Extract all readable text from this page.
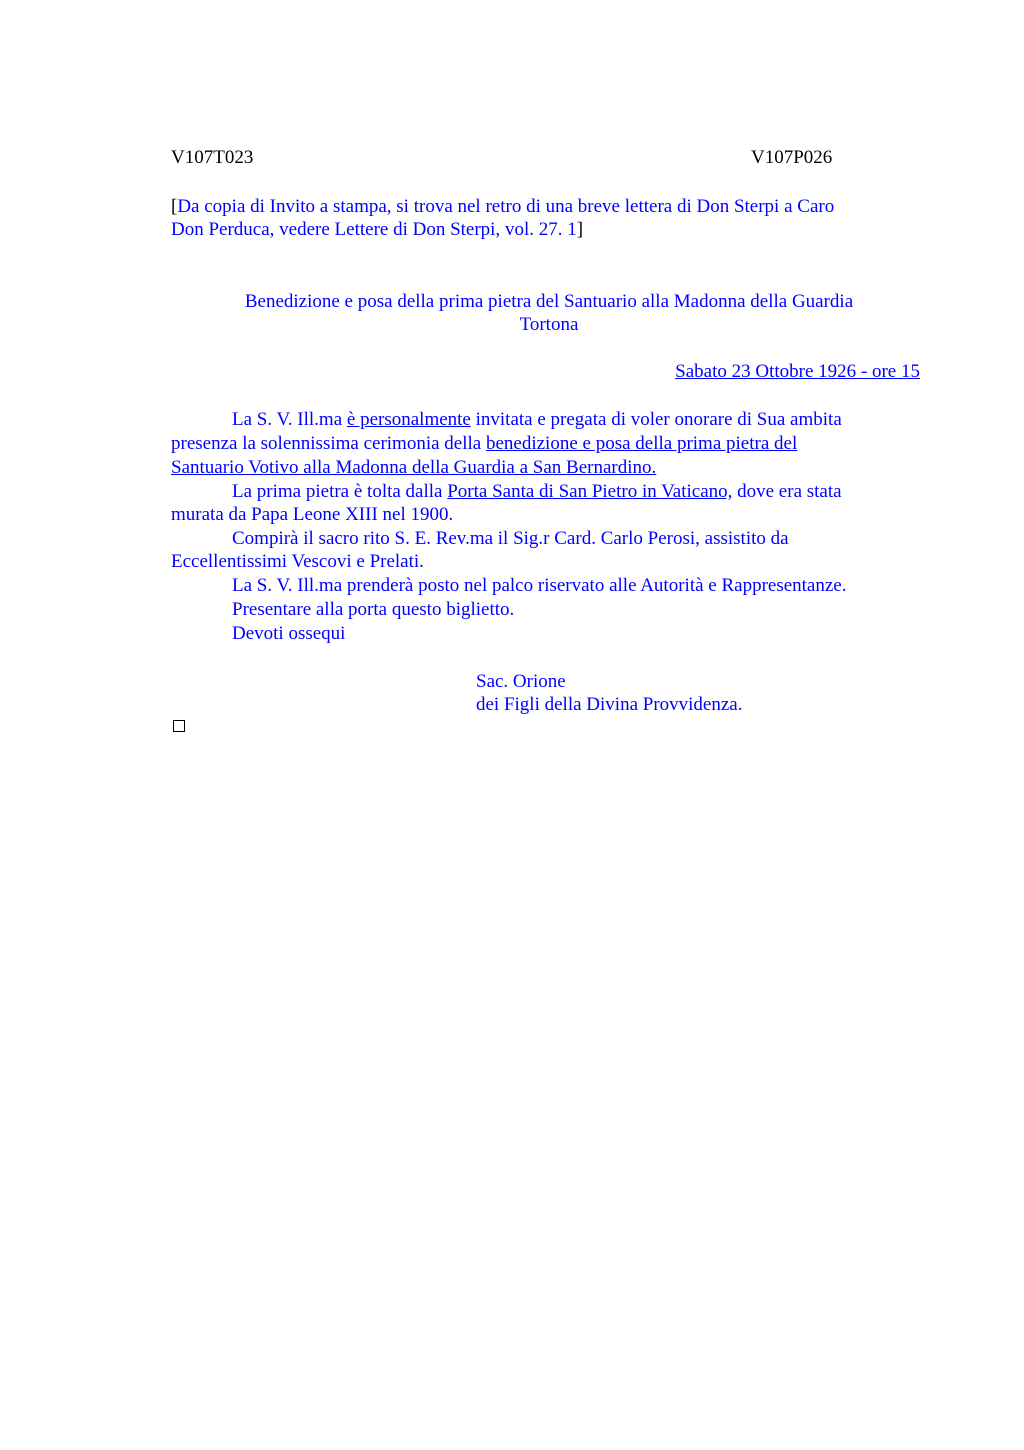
V107T023	V107P026
[Da copia di Invito a stampa, si trova nel retro di una breve lettera di Don Sterpi a Caro
Don Perduca, vedere Lettere di Don Sterpi, vol. 27. 1]
Benedizione e posa della prima pietra del Santuario alla Madonna della Guardia
Tortona
Sabato 23 Ottobre 1926 - ore 15
La S. V. Ill.ma è personalmente invitata e pregata di voler onorare di Sua ambita
presenza la solennissima cerimonia della benedizione e posa della prima pietra del
Santuario Votivo alla Madonna della Guardia a San Bernardino.
La prima pietra è tolta dalla Porta Santa di San Pietro in Vaticano, dove era stata
murata da Papa Leone XIII nel 1900.
Compirà il sacro rito S. E. Rev.ma il Sig.r Card. Carlo Perosi, assistito da
Eccellentissimi Vescovi e Prelati.
La S. V. Ill.ma prenderà posto nel palco riservato alle Autorità e Rappresentanze.
Presentare alla porta questo biglietto.
Devoti ossequi
Sac. Orione
dei Figli della Divina Provvidenza.
